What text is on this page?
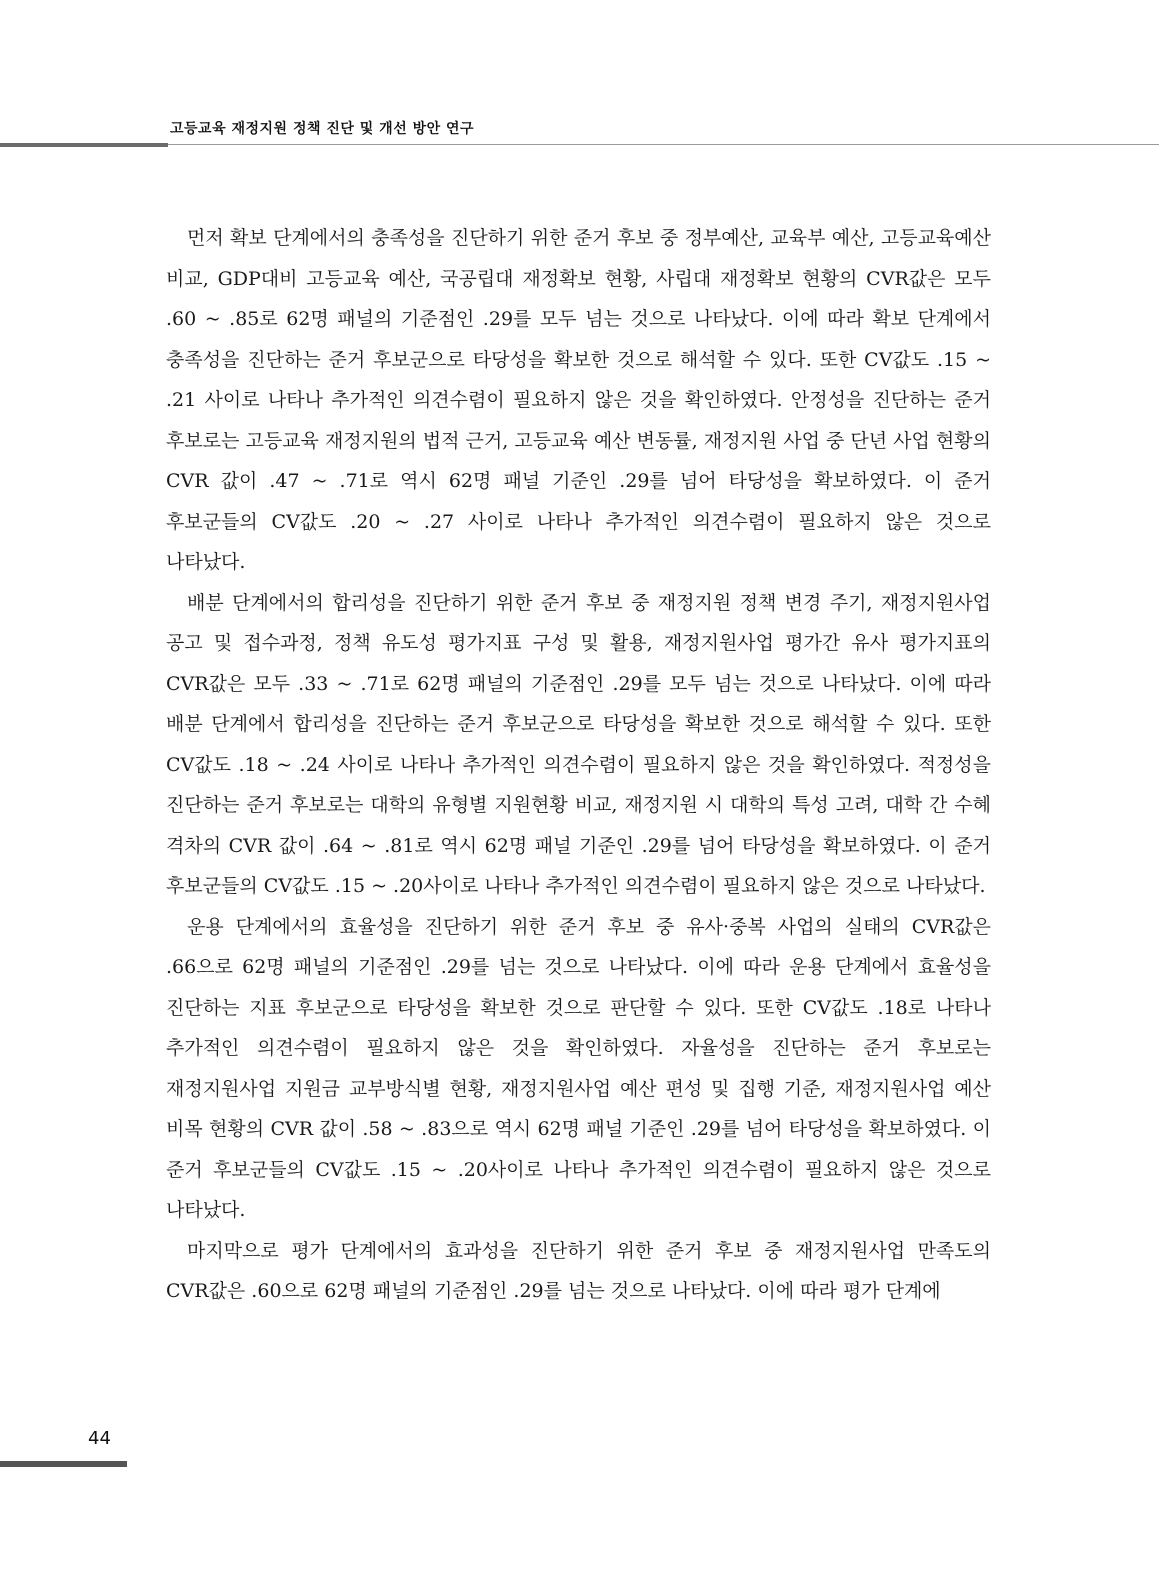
고등교육 재정지원 정책 진단 및 개선 방안 연구

먼저 확보 단계에서의 충족성을 진단하기 위한 준거 후보 중 정부예산, 교육부 예산, 고등교육예산 비교, GDP대비 고등교육 예산, 국공립대 재정확보 현황, 사립대 재정확보 현황의 CVR값은 모두 .60 ~ .85로 62명 패널의 기준점인 .29를 모두 넘는 것으로 나타났다. 이에 따라 확보 단계에서 충족성을 진단하는 준거 후보군으로 타당성을 확보한 것으로 해석할 수 있다. 또한 CV값도 .15 ~ .21 사이로 나타나 추가적인 의견수렴이 필요하지 않은 것을 확인하였다. 안정성을 진단하는 준거 후보로는 고등교육 재정지원의 법적 근거, 고등교육 예산 변동률, 재정지원 사업 중 단년 사업 현황의 CVR 값이 .47 ~ .71로 역시 62명 패널 기준인 .29를 넘어 타당성을 확보하였다. 이 준거 후보군들의 CV값도 .20 ~ .27 사이로 나타나 추가적인 의견수렴이 필요하지 않은 것으로 나타났다.

배분 단계에서의 합리성을 진단하기 위한 준거 후보 중 재정지원 정책 변경 주기, 재정지원사업 공고 및 접수과정, 정책 유도성 평가지표 구성 및 활용, 재정지원사업 평가간 유사 평가지표의 CVR값은 모두 .33 ~ .71로 62명 패널의 기준점인 .29를 모두 넘는 것으로 나타났다. 이에 따라 배분 단계에서 합리성을 진단하는 준거 후보군으로 타당성을 확보한 것으로 해석할 수 있다. 또한 CV값도 .18 ~ .24 사이로 나타나 추가적인 의견수렴이 필요하지 않은 것을 확인하였다. 적정성을 진단하는 준거 후보로는 대학의 유형별 지원현황 비교, 재정지원 시 대학의 특성 고려, 대학 간 수혜 격차의 CVR 값이 .64 ~ .81로 역시 62명 패널 기준인 .29를 넘어 타당성을 확보하였다. 이 준거 후보군들의 CV값도 .15 ~ .20사이로 나타나 추가적인 의견수렴이 필요하지 않은 것으로 나타났다.

운용 단계에서의 효율성을 진단하기 위한 준거 후보 중 유사·중복 사업의 실태의 CVR값은 .66으로 62명 패널의 기준점인 .29를 넘는 것으로 나타났다. 이에 따라 운용 단계에서 효율성을 진단하는 지표 후보군으로 타당성을 확보한 것으로 판단할 수 있다. 또한 CV값도 .18로 나타나 추가적인 의견수렴이 필요하지 않은 것을 확인하였다. 자율성을 진단하는 준거 후보로는 재정지원사업 지원금 교부방식별 현황, 재정지원사업 예산 편성 및 집행 기준, 재정지원사업 예산 비목 현황의 CVR 값이 .58 ~ .83으로 역시 62명 패널 기준인 .29를 넘어 타당성을 확보하였다. 이 준거 후보군들의 CV값도 .15 ~ .20사이로 나타나 추가적인 의견수렴이 필요하지 않은 것으로 나타났다.

마지막으로 평가 단계에서의 효과성을 진단하기 위한 준거 후보 중 재정지원사업 만족도의 CVR값은 .60으로 62명 패널의 기준점인 .29를 넘는 것으로 나타났다. 이에 따라 평가 단계에

44
